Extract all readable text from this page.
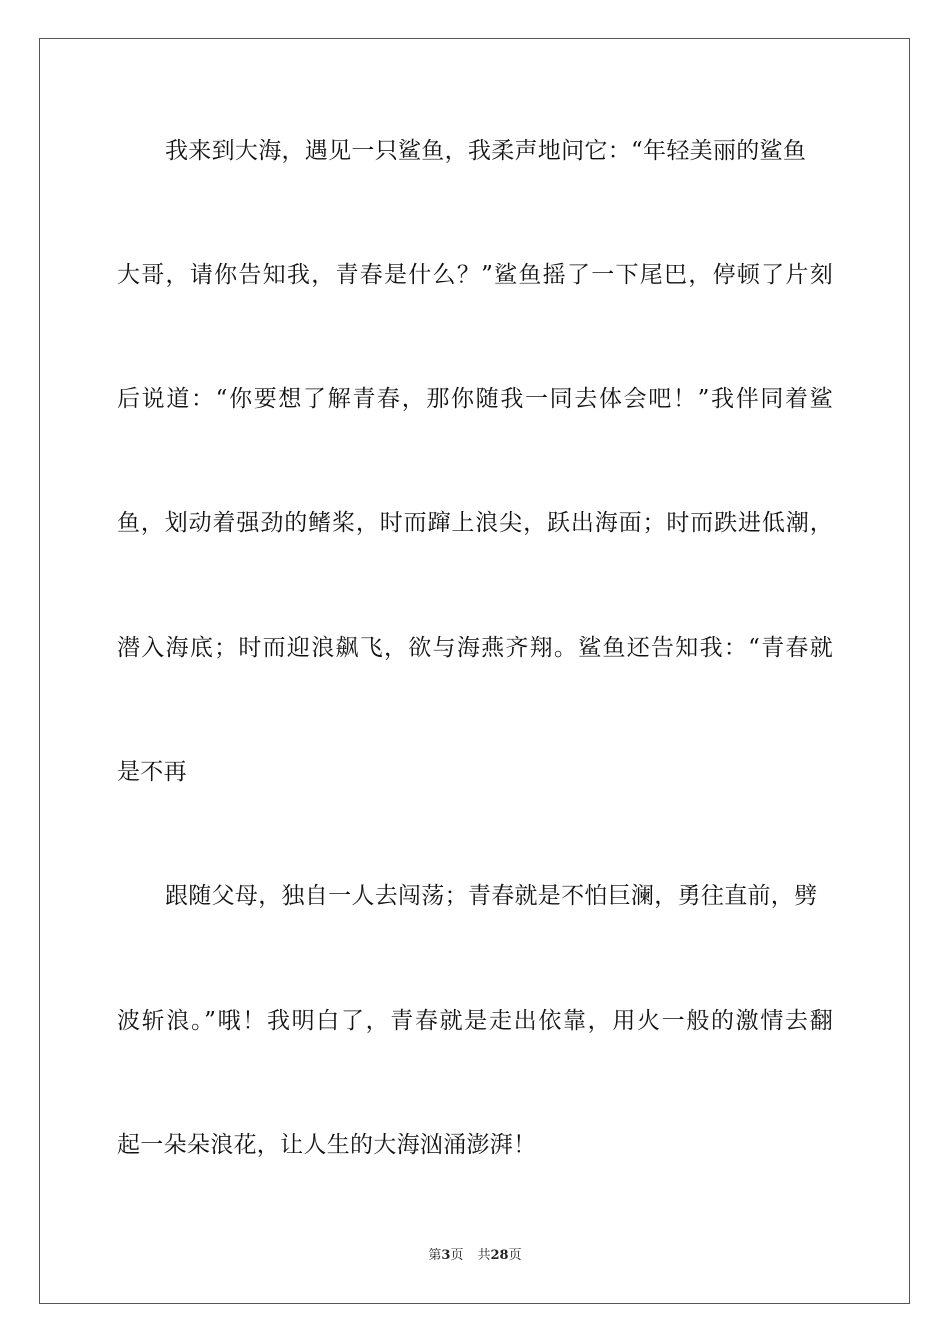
我来到大海，遇见一只鲨鱼，我柔声地问它：“年轻美丽的鲨鱼
大哥，请你告知我，青春是什么？”鲨鱼摇了一下尾巴，停顿了片刻
后说道：“你要想了解青春，那你随我一同去体会吧！”我伴同着鲨
鱼，划动着强劲的鳍桨，时而蹿上浪尖，跃出海面；时而跌进低潮，
潜入海底；时而迎浪飙飞，欲与海燕齐翔。鲨鱼还告知我：“青春就
是不再
跟随父母，独自一人去闯荡；青春就是不怕巨澜，勇往直前，劈
波斩浪。”哦！我明白了，青春就是走出依靠，用火一般的激情去翻
起一朵朵浪花，让人生的大海汹涌澎湃！
第3页 共28页
